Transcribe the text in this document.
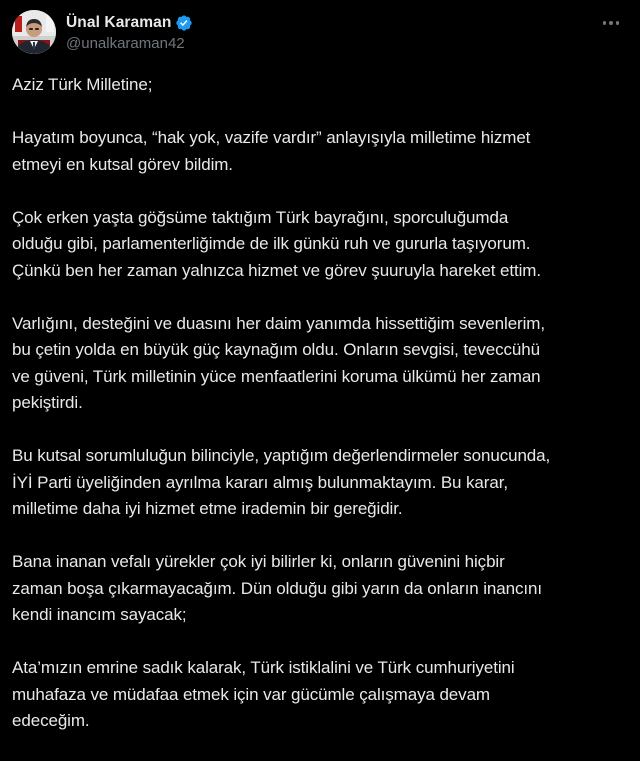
Ünal Karaman
@unalkaraman42

Aziz Türk Milletine;

Hayatım boyunca, “hak yok, vazife vardır” anlayışıyla milletime hizmet
etmeyi en kutsal görev bildim.

Çok erken yaşta göğsüme taktığım Türk bayrağını, sporculuğumda
olduğu gibi, parlamenterliğimde de ilk günkü ruh ve gururla taşıyorum.
Çünkü ben her zaman yalnızca hizmet ve görev şuuruyla hareket ettim.

Varlığını, desteğini ve duasını her daim yanımda hissettiğim sevenlerim,
bu çetin yolda en büyük güç kaynağım oldu. Onların sevgisi, teveccühü
ve güveni, Türk milletinin yüce menfaatlerini koruma ülkümü her zaman
pekiştirdi.

Bu kutsal sorumluluğun bilinciyle, yaptığım değerlendirmeler sonucunda,
İYİ Parti üyeliğinden ayrılma kararı almış bulunmaktayım. Bu karar,
milletime daha iyi hizmet etme irademin bir gereğidir.

Bana inanan vefalı yürekler çok iyi bilirler ki, onların güvenini hiçbir
zaman boşa çıkarmayacağım. Dün olduğu gibi yarın da onların inancını
kendi inancım sayacak;

Ata’mızın emrine sadık kalarak, Türk istiklalini ve Türk cumhuriyetini
muhafaza ve müdafaa etmek için var gücümle çalışmaya devam
edeceğim.
